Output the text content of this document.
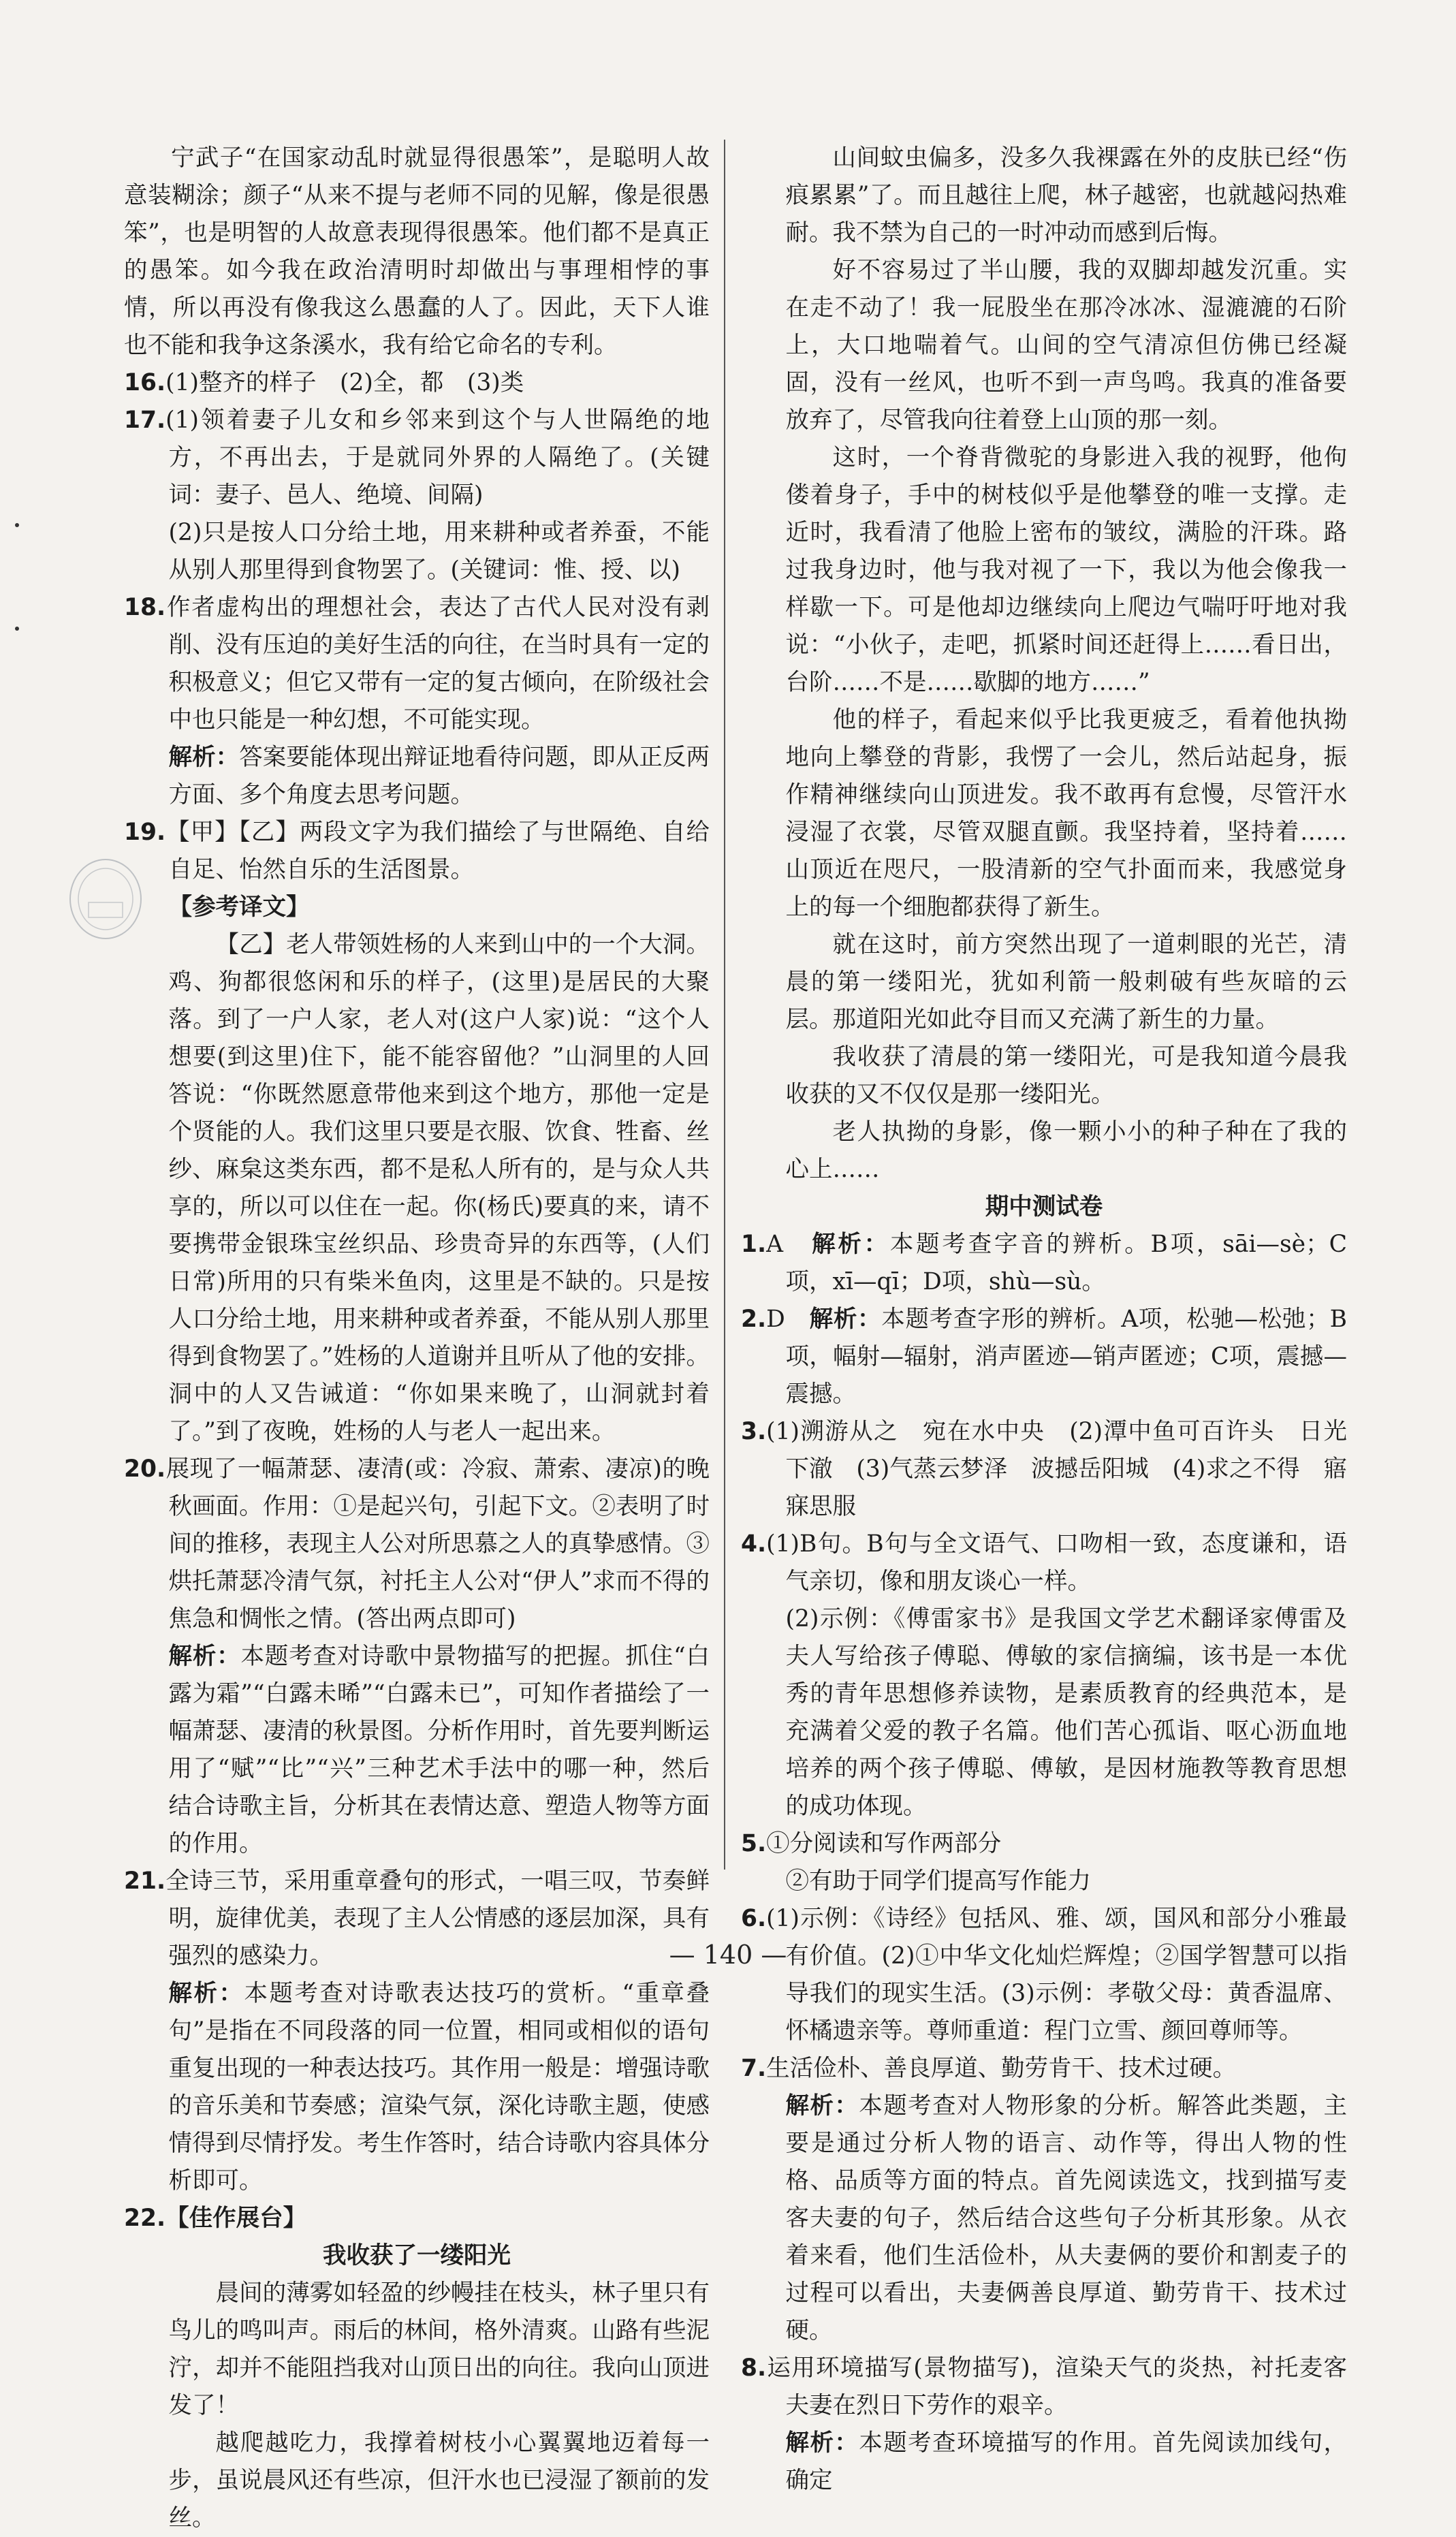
宁武子“在国家动乱时就显得很愚笨”，是聪明人故意装糊涂；颜子“从来不提与老师不同的见解，像是很愚笨”，也是明智的人故意表现得很愚笨。他们都不是真正的愚笨。如今我在政治清明时却做出与事理相悖的事情，所以再没有像我这么愚蠢的人了。因此，天下人谁也不能和我争这条溪水，我有给它命名的专利。

16.(1)整齐的样子　(2)全，都　(3)类

17.(1)领着妻子儿女和乡邻来到这个与人世隔绝的地方，不再出去，于是就同外界的人隔绝了。(关键词：妻子、邑人、绝境、间隔)

(2)只是按人口分给土地，用来耕种或者养蚕，不能从别人那里得到食物罢了。(关键词：惟、授、以)

18.作者虚构出的理想社会，表达了古代人民对没有剥削、没有压迫的美好生活的向往，在当时具有一定的积极意义；但它又带有一定的复古倾向，在阶级社会中也只能是一种幻想，不可能实现。

解析：答案要能体现出辩证地看待问题，即从正反两方面、多个角度去思考问题。

19.【甲】【乙】两段文字为我们描绘了与世隔绝、自给自足、怡然自乐的生活图景。

【参考译文】

【乙】老人带领姓杨的人来到山中的一个大洞。鸡、狗都很悠闲和乐的样子，(这里)是居民的大聚落。到了一户人家，老人对(这户人家)说：“这个人想要(到这里)住下，能不能容留他？”山洞里的人回答说：“你既然愿意带他来到这个地方，那他一定是个贤能的人。我们这里只要是衣服、饮食、牲畜、丝纱、麻枲这类东西，都不是私人所有的，是与众人共享的，所以可以住在一起。你(杨氏)要真的来，请不要携带金银珠宝丝织品、珍贵奇异的东西等，(人们日常)所用的只有柴米鱼肉，这里是不缺的。只是按人口分给土地，用来耕种或者养蚕，不能从别人那里得到食物罢了。”姓杨的人道谢并且听从了他的安排。洞中的人又告诫道：“你如果来晚了，山洞就封着了。”到了夜晚，姓杨的人与老人一起出来。

20.展现了一幅萧瑟、凄清(或：冷寂、萧索、凄凉)的晚秋画面。作用：①是起兴句，引起下文。②表明了时间的推移，表现主人公对所思慕之人的真挚感情。③烘托萧瑟冷清气氛，衬托主人公对“伊人”求而不得的焦急和惆怅之情。(答出两点即可)

解析：本题考查对诗歌中景物描写的把握。抓住“白露为霜”“白露未晞”“白露未已”，可知作者描绘了一幅萧瑟、凄清的秋景图。分析作用时，首先要判断运用了“赋”“比”“兴”三种艺术手法中的哪一种，然后结合诗歌主旨，分析其在表情达意、塑造人物等方面的作用。

21.全诗三节，采用重章叠句的形式，一唱三叹，节奏鲜明，旋律优美，表现了主人公情感的逐层加深，具有强烈的感染力。

解析：本题考查对诗歌表达技巧的赏析。“重章叠句”是指在不同段落的同一位置，相同或相似的语句重复出现的一种表达技巧。其作用一般是：增强诗歌的音乐美和节奏感；渲染气氛，深化诗歌主题，使感情得到尽情抒发。考生作答时，结合诗歌内容具体分析即可。

22.【佳作展台】

我收获了一缕阳光

晨间的薄雾如轻盈的纱幔挂在枝头，林子里只有鸟儿的鸣叫声。雨后的林间，格外清爽。山路有些泥泞，却并不能阻挡我对山顶日出的向往。我向山顶进发了！

越爬越吃力，我撑着树枝小心翼翼地迈着每一步，虽说晨风还有些凉，但汗水也已浸湿了额前的发丝。

山间蚊虫偏多，没多久我裸露在外的皮肤已经“伤痕累累”了。而且越往上爬，林子越密，也就越闷热难耐。我不禁为自己的一时冲动而感到后悔。

好不容易过了半山腰，我的双脚却越发沉重。实在走不动了！我一屁股坐在那冷冰冰、湿漉漉的石阶上，大口地喘着气。山间的空气清凉但仿佛已经凝固，没有一丝风，也听不到一声鸟鸣。我真的准备要放弃了，尽管我向往着登上山顶的那一刻。

这时，一个脊背微驼的身影进入我的视野，他佝偻着身子，手中的树枝似乎是他攀登的唯一支撑。走近时，我看清了他脸上密布的皱纹，满脸的汗珠。路过我身边时，他与我对视了一下，我以为他会像我一样歇一下。可是他却边继续向上爬边气喘吁吁地对我说：“小伙子，走吧，抓紧时间还赶得上……看日出，台阶……不是……歇脚的地方……”

他的样子，看起来似乎比我更疲乏，看着他执拗地向上攀登的背影，我愣了一会儿，然后站起身，振作精神继续向山顶进发。我不敢再有怠慢，尽管汗水浸湿了衣裳，尽管双腿直颤。我坚持着，坚持着……山顶近在咫尺，一股清新的空气扑面而来，我感觉身上的每一个细胞都获得了新生。

就在这时，前方突然出现了一道刺眼的光芒，清晨的第一缕阳光，犹如利箭一般刺破有些灰暗的云层。那道阳光如此夺目而又充满了新生的力量。

我收获了清晨的第一缕阳光，可是我知道今晨我收获的又不仅仅是那一缕阳光。

老人执拗的身影，像一颗小小的种子种在了我的心上……

期中测试卷

1.A　解析：本题考查字音的辨析。B项，sāi—sè；C项，xī—qī；D项，shù—sù。

2.D　解析：本题考查字形的辨析。A项，松驰—松弛；B项，幅射—辐射，消声匿迹—销声匿迹；C项，震撼—震撼。

3.(1)溯游从之　宛在水中央　(2)潭中鱼可百许头　日光下澈　(3)气蒸云梦泽　波撼岳阳城　(4)求之不得　寤寐思服

4.(1)B句。B句与全文语气、口吻相一致，态度谦和，语气亲切，像和朋友谈心一样。

(2)示例：《傅雷家书》是我国文学艺术翻译家傅雷及夫人写给孩子傅聪、傅敏的家信摘编，该书是一本优秀的青年思想修养读物，是素质教育的经典范本，是充满着父爱的教子名篇。他们苦心孤诣、呕心沥血地培养的两个孩子傅聪、傅敏，是因材施教等教育思想的成功体现。

5.①分阅读和写作两部分

②有助于同学们提高写作能力

6.(1)示例：《诗经》包括风、雅、颂，国风和部分小雅最有价值。(2)①中华文化灿烂辉煌；②国学智慧可以指导我们的现实生活。(3)示例：孝敬父母：黄香温席、怀橘遗亲等。尊师重道：程门立雪、颜回尊师等。

7.生活俭朴、善良厚道、勤劳肯干、技术过硬。

解析：本题考查对人物形象的分析。解答此类题，主要是通过分析人物的语言、动作等，得出人物的性格、品质等方面的特点。首先阅读选文，找到描写麦客夫妻的句子，然后结合这些句子分析其形象。从衣着来看，他们生活俭朴，从夫妻俩的要价和割麦子的过程可以看出，夫妻俩善良厚道、勤劳肯干、技术过硬。

8.运用环境描写(景物描写)，渲染天气的炎热，衬托麦客夫妻在烈日下劳作的艰辛。

解析：本题考查环境描写的作用。首先阅读加线句，确定

— 140 —
